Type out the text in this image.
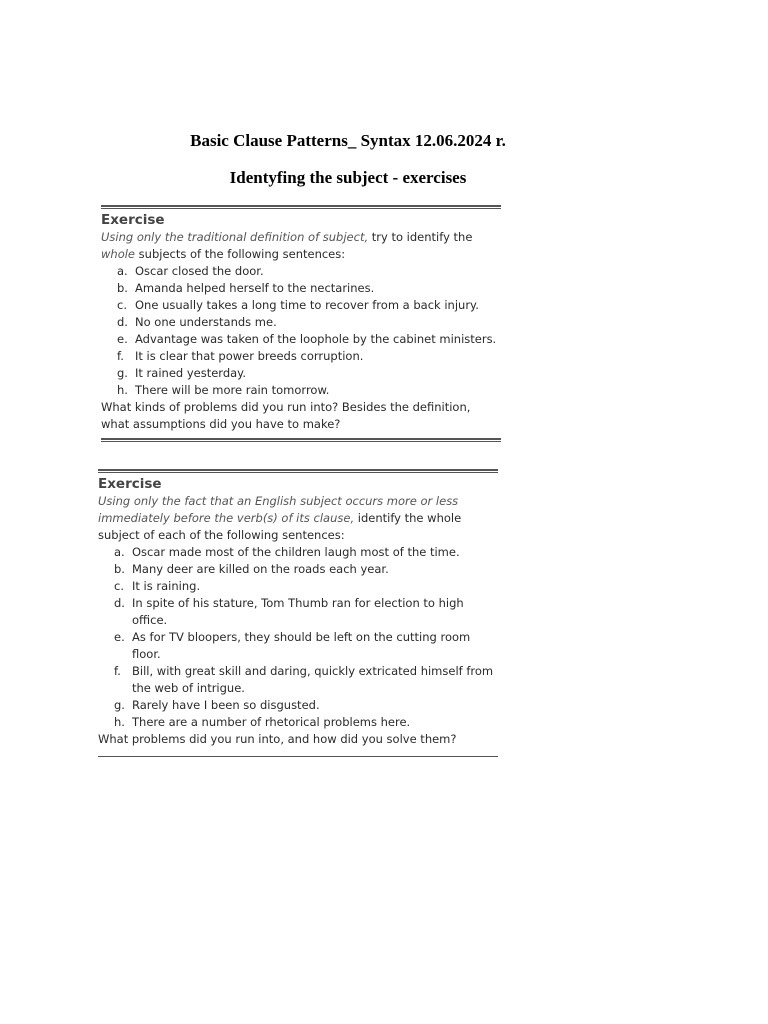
Basic Clause Patterns_ Syntax 12.06.2024 r.
Identyfing the subject - exercises
Exercise

Using only the traditional definition of subject, try to identify the whole subjects of the following sentences:

a. Oscar closed the door.
b. Amanda helped herself to the nectarines.
c. One usually takes a long time to recover from a back injury.
d. No one understands me.
e. Advantage was taken of the loophole by the cabinet ministers.
f. It is clear that power breeds corruption.
g. It rained yesterday.
h. There will be more rain tomorrow.

What kinds of problems did you run into? Besides the definition, what assumptions did you have to make?

Exercise

Using only the fact that an English subject occurs more or less immediately before the verb(s) of its clause, identify the whole subject of each of the following sentences:

a. Oscar made most of the children laugh most of the time.
b. Many deer are killed on the roads each year.
c. It is raining.
d. In spite of his stature, Tom Thumb ran for election to high office.
e. As for TV bloopers, they should be left on the cutting room floor.
f. Bill, with great skill and daring, quickly extricated himself from the web of intrigue.
g. Rarely have I been so disgusted.
h. There are a number of rhetorical problems here.

What problems did you run into, and how did you solve them?
